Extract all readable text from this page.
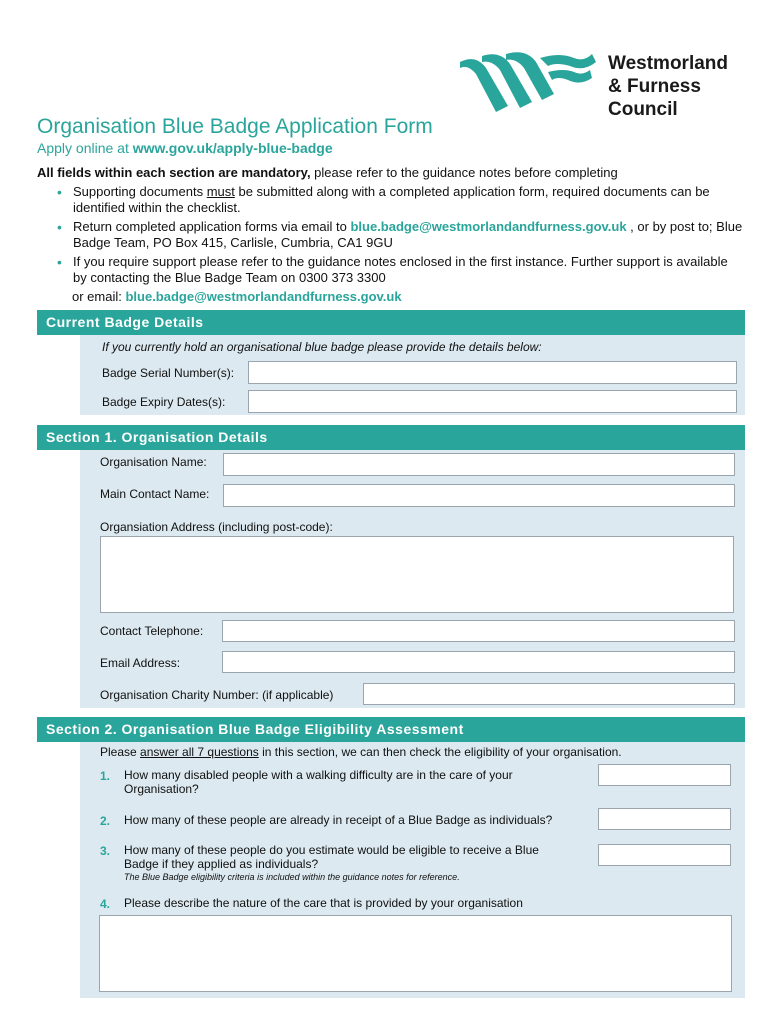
Westmorland
& Furness
Council
Organisation Blue Badge Application Form
Apply online at www.gov.uk/apply-blue-badge
All fields within each section are mandatory, please refer to the guidance notes before completing
• Supporting documents must be submitted along with a completed application form, required documents can be identified within the checklist.
• Return completed application forms via email to blue.badge@westmorlandandfurness.gov.uk , or by post to; Blue Badge Team, PO Box 415, Carlisle, Cumbria, CA1 9GU
• If you require support please refer to the guidance notes enclosed in the first instance. Further support is available by contacting the Blue Badge Team on 0300 373 3300
or email: blue.badge@westmorlandandfurness.gov.uk
Current Badge Details
If you currently hold an organisational blue badge please provide the details below:
Badge Serial Number(s):
Badge Expiry Dates(s):
Section 1. Organisation Details
Organisation Name:
Main Contact Name:
Organsiation Address (including post-code):
Contact Telephone:
Email Address:
Organisation Charity Number: (if applicable)
Section 2. Organisation Blue Badge Eligibility Assessment
Please answer all 7 questions in this section, we can then check the eligibility of your organisation.
1. How many disabled people with a walking difficulty are in the care of your Organisation?
2. How many of these people are already in receipt of a Blue Badge as individuals?
3. How many of these people do you estimate would be eligible to receive a Blue Badge if they applied as individuals?
The Blue Badge eligibility criteria is included within the guidance notes for reference.
4. Please describe the nature of the care that is provided by your organisation
